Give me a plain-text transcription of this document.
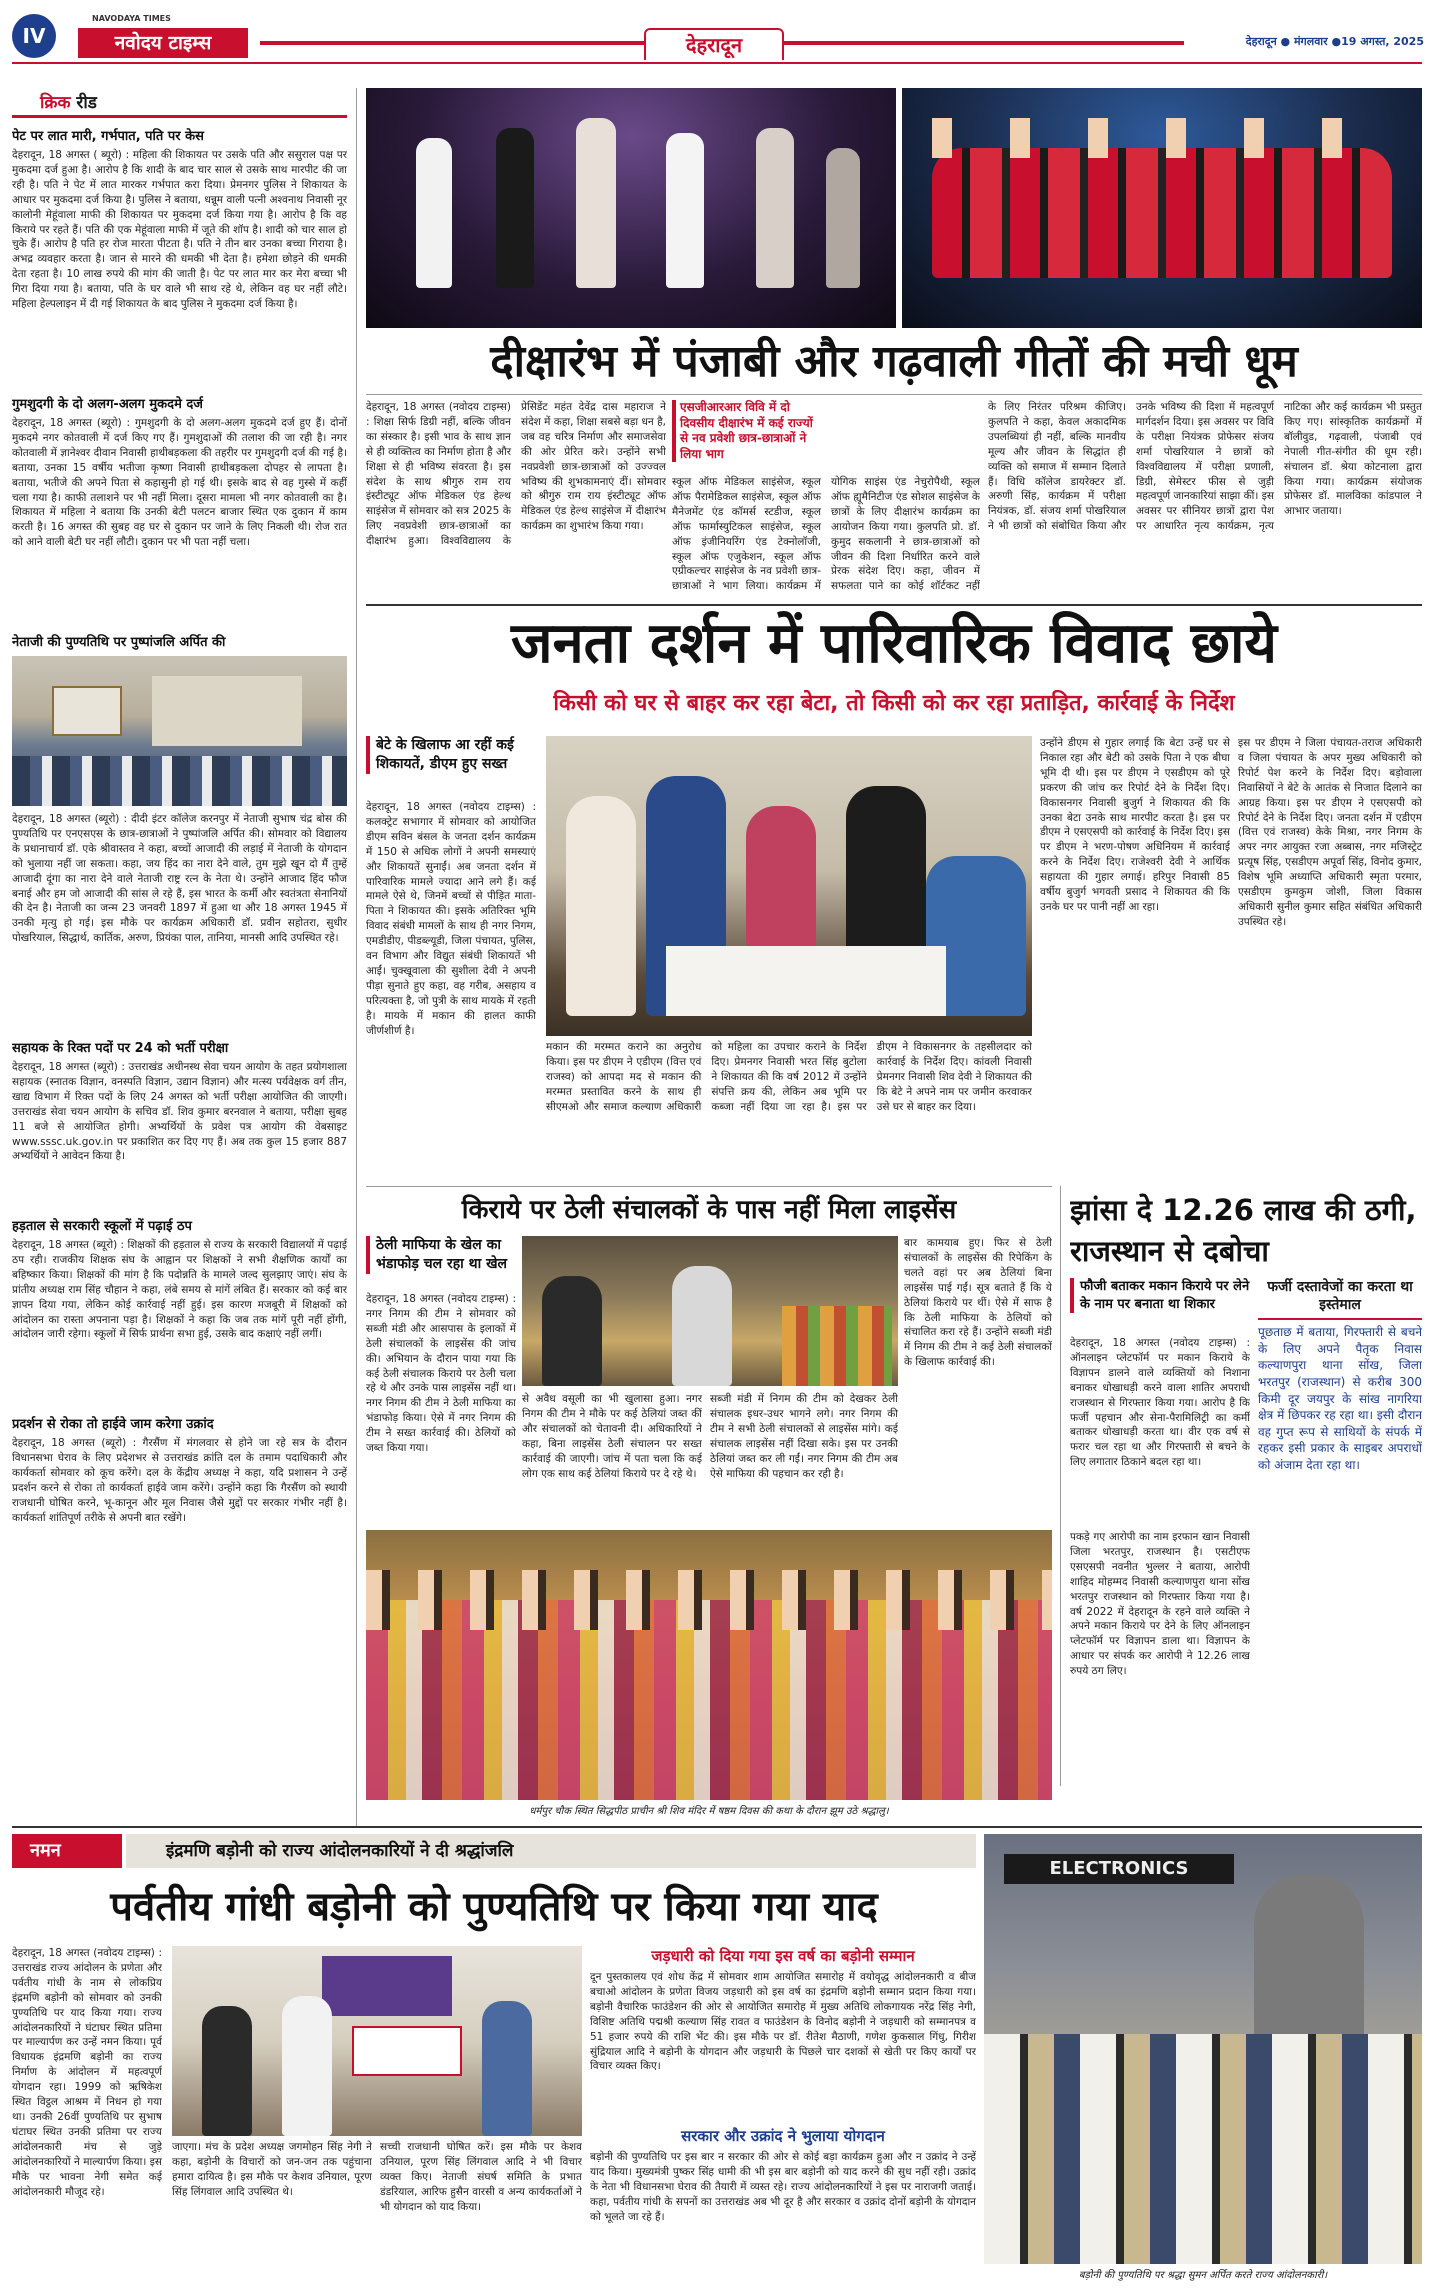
IV
NAVODAYA TIMES
नवोदय टाइम्स	देहरादून	देहरादून ● मंगलवार ●19 अगस्त, 2025
क्रिक रीड
पेट पर लात मारी, गर्भपात, पति पर केस
देहरादून, 18 अगस्त ( ब्यूरो) : महिला की शिकायत पर उसके पति और ससुराल पक्ष पर मुकदमा दर्ज हुआ है। आरोप है कि शादी के बाद चार साल से उसके साथ मारपीट की जा रही है। पति ने पेट में लात मारकर गर्भपात करा दिया। प्रेमनगर पुलिस ने शिकायत के आधार पर मुकदमा दर्ज किया है। पुलिस ने बताया, धन्नूम वाली पत्नी अश्वनाथ निवासी नूर कालोनी मेहूंवाला माफी की शिकायत पर मुकदमा दर्ज किया गया है। आरोप है कि वह किराये पर रहते हैं। पति की एक मेहूंवाला माफी में जूते की शॉप है। शादी को चार साल हो चुके हैं। आरोप है पति हर रोज मारता पीटता है। पति ने तीन बार उनका बच्चा गिराया है। अभद्र व्यवहार करता है। जान से मारने की धमकी भी देता है। हमेशा छोड़ने की धमकी देता रहता है। 10 लाख रुपये की मांग की जाती है। पेट पर लात मार कर मेरा बच्चा भी गिरा दिया गया है। बताया, पति के घर वाले भी साथ रहे थे, लेकिन वह घर नहीं लौटे। महिला हेल्पलाइन में दी गई शिकायत के बाद पुलिस ने मुकदमा दर्ज किया है।
गुमशुदगी के दो अलग-अलग मुकदमे दर्ज
देहरादून, 18 अगस्त (ब्यूरो) : गुमशुदगी के दो अलग-अलग मुकदमे दर्ज हुए हैं। दोनों मुकदमे नगर कोतवाली में दर्ज किए गए हैं। गुमशुदाओं की तलाश की जा रही है। नगर कोतवाली में ज्ञानेश्वर दीवान निवासी हाथीबड़कला की तहरीर पर गुमशुदगी दर्ज की गई है। बताया, उनका 15 वर्षीय भतीजा कृष्णा निवासी हाथीबड़कला दोपहर से लापता है। बताया, भतीजे की अपने पिता से कहासुनी हो गई थी। इसके बाद से वह गुस्से में कहीं चला गया है। काफी तलाशने पर भी नहीं मिला। दूसरा मामला भी नगर कोतवाली का है। शिकायत में महिला ने बताया कि उनकी बेटी पलटन बाजार स्थित एक दुकान में काम करती है। 16 अगस्त की सुबह वह घर से दुकान पर जाने के लिए निकली थी। रोज रात को आने वाली बेटी घर नहीं लौटी। दुकान पर भी पता नहीं चला।
नेताजी की पुण्यतिथि पर पुष्पांजलि अर्पित की
देहरादून, 18 अगस्त (ब्यूरो) : दीदी इंटर कॉलेज करनपुर में नेताजी सुभाष चंद्र बोस की पुण्यतिथि पर एनएसएस के छात्र-छात्राओं ने पुष्पांजलि अर्पित की। सोमवार को विद्यालय के प्रधानाचार्य डॉ. एके श्रीवास्तव ने कहा, बच्चों आजादी की लड़ाई में नेताजी के योगदान को भुलाया नहीं जा सकता। कहा, जय हिंद का नारा देने वाले, तुम मुझे खून दो मैं तुम्हें आजादी दूंगा का नारा देने वाले नेताजी राष्ट्र रत्न के नेता थे। उन्होंने आजाद हिंद फौज बनाई और हम जो आजादी की सांस ले रहे हैं, इस भारत के कर्मी और स्वतंत्रता सेनानियों की देन है। नेताजी का जन्म 23 जनवरी 1897 में हुआ था और 18 अगस्त 1945 में उनकी मृत्यु हो गई। इस मौके पर कार्यक्रम अधिकारी डॉ. प्रवीन सहोतरा, सुधीर पोखरियाल, सिद्धार्थ, कार्तिक, अरुण, प्रियंका पाल, तानिया, मानसी आदि उपस्थित रहे।
सहायक के रिक्त पदों पर 24 को भर्ती परीक्षा
देहरादून, 18 अगस्त (ब्यूरो) : उत्तराखंड अधीनस्थ सेवा चयन आयोग के तहत प्रयोगशाला सहायक (स्नातक विज्ञान, वनस्पति विज्ञान, उद्यान विज्ञान) और मत्स्य पर्यवेक्षक वर्ग तीन, खाद्य विभाग में रिक्त पदों के लिए 24 अगस्त को भर्ती परीक्षा आयोजित की जाएगी। उत्तराखंड सेवा चयन आयोग के सचिव डॉ. शिव कुमार बरनवाल ने बताया, परीक्षा सुबह 11 बजे से आयोजित होगी। अभ्यर्थियों के प्रवेश पत्र आयोग की वेबसाइट www.sssc.uk.gov.in पर प्रकाशित कर दिए गए हैं। अब तक कुल 15 हजार 887 अभ्यर्थियों ने आवेदन किया है।
हड़ताल से सरकारी स्कूलों में पढ़ाई ठप
देहरादून, 18 अगस्त (ब्यूरो) : शिक्षकों की हड़ताल से राज्य के सरकारी विद्यालयों में पढ़ाई ठप रही। राजकीय शिक्षक संघ के आह्वान पर शिक्षकों ने सभी शैक्षणिक कार्यों का बहिष्कार किया। शिक्षकों की मांग है कि पदोन्नति के मामले जल्द सुलझाए जाएं। संघ के प्रांतीय अध्यक्ष राम सिंह चौहान ने कहा, लंबे समय से मांगें लंबित हैं। सरकार को कई बार ज्ञापन दिया गया, लेकिन कोई कार्रवाई नहीं हुई। इस कारण मजबूरी में शिक्षकों को आंदोलन का रास्ता अपनाना पड़ा है। शिक्षकों ने कहा कि जब तक मांगें पूरी नहीं होंगी, आंदोलन जारी रहेगा। स्कूलों में सिर्फ प्रार्थना सभा हुई, उसके बाद कक्षाएं नहीं लगीं।
प्रदर्शन से रोका तो हाईवे जाम करेगा उक्रांद
देहरादून, 18 अगस्त (ब्यूरो) : गैरसैंण में मंगलवार से होने जा रहे सत्र के दौरान विधानसभा घेराव के लिए प्रदेशभर से उत्तराखंड क्रांति दल के तमाम पदाधिकारी और कार्यकर्ता सोमवार को कूच करेंगे। दल के केंद्रीय अध्यक्ष ने कहा, यदि प्रशासन ने उन्हें प्रदर्शन करने से रोका तो कार्यकर्ता हाईवे जाम करेंगे। उन्होंने कहा कि गैरसैंण को स्थायी राजधानी घोषित करने, भू-कानून और मूल निवास जैसे मुद्दों पर सरकार गंभीर नहीं है। कार्यकर्ता शांतिपूर्ण तरीके से अपनी बात रखेंगे।
दीक्षारंभ में पंजाबी और गढ़वाली गीतों की मची धूम
देहरादून, 18 अगस्त (नवोदय टाइम्स) : शिक्षा सिर्फ डिग्री नहीं, बल्कि जीवन का संस्कार है। इसी भाव के साथ ज्ञान से ही व्यक्तित्व का निर्माण होता है और शिक्षा से ही भविष्य संवरता है। इस संदेश के साथ श्रीगुरु राम राय इंस्टीट्यूट ऑफ मेडिकल एंड हेल्थ साइंसेज में सोमवार को सत्र 2025 के लिए नवप्रवेशी छात्र-छात्राओं का दीक्षारंभ हुआ। विश्वविद्यालय के प्रेसिडेंट महंत देवेंद्र दास महाराज ने संदेश में कहा, शिक्षा सबसे बड़ा धन है, जब वह चरित्र निर्माण और समाजसेवा की ओर प्रेरित करे। उन्होंने सभी नवप्रवेशी छात्र-छात्राओं को उज्ज्वल भविष्य की शुभकामनाएं दीं। सोमवार को श्रीगुरु राम राय इंस्टीट्यूट ऑफ मेडिकल एंड हेल्थ साइंसेज में दीक्षारंभ कार्यक्रम का शुभारंभ किया गया।
एसजीआरआर विवि में दो दिवसीय दीक्षारंभ में कई राज्यों से नव प्रवेशी छात्र-छात्राओं ने लिया भाग
स्कूल ऑफ मेडिकल साइंसेज, स्कूल ऑफ पैरामेडिकल साइंसेज, स्कूल ऑफ मैनेजमेंट एंड कॉमर्स स्टडीज, स्कूल ऑफ फार्मास्युटिकल साइंसेज, स्कूल ऑफ इंजीनियरिंग एंड टेक्नोलॉजी, स्कूल ऑफ एजुकेशन, स्कूल ऑफ एग्रीकल्चर साइंसेज के नव प्रवेशी छात्र-छात्राओं ने भाग लिया। कार्यक्रम में योगिक साइंस एंड नेचुरोपैथी, स्कूल ऑफ ह्यूमैनिटीज एंड सोशल साइंसेज के छात्रों के लिए दीक्षारंभ कार्यक्रम का आयोजन किया गया। कुलपति प्रो. डॉ. कुमुद सकलानी ने छात्र-छात्राओं को जीवन की दिशा निर्धारित करने वाले प्रेरक संदेश दिए। कहा, जीवन में सफलता पाने का कोई शॉर्टकट नहीं
के लिए निरंतर परिश्रम कीजिए। कुलपति ने कहा, केवल अकादमिक उपलब्धियां ही नहीं, बल्कि मानवीय मूल्य और जीवन के सिद्धांत ही व्यक्ति को समाज में सम्मान दिलाते हैं। विधि कॉलेज डायरेक्टर डॉ. अरुणी सिंह, कार्यक्रम में परीक्षा नियंत्रक, डॉ. संजय शर्मा पोखरियाल ने भी छात्रों को संबोधित किया और उनके भविष्य की दिशा में महत्वपूर्ण मार्गदर्शन दिया। इस अवसर पर विवि के परीक्षा नियंत्रक प्रोफेसर संजय शर्मा पोखरियाल ने छात्रों को विश्वविद्यालय में परीक्षा प्रणाली, डिग्री, सेमेस्टर फीस से जुड़ी महत्वपूर्ण जानकारियां साझा कीं। इस अवसर पर सीनियर छात्रों द्वारा पेश पर आधारित नृत्य कार्यक्रम, नृत्य नाटिका और कई कार्यक्रम भी प्रस्तुत किए गए। सांस्कृतिक कार्यक्रमों में बॉलीवुड, गढ़वाली, पंजाबी एवं नेपाली गीत-संगीत की धूम रही। संचालन डॉ. श्रेया कोटनाला द्वारा किया गया। कार्यक्रम संयोजक प्रोफेसर डॉ. मालविका कांडपाल ने आभार जताया।
जनता दर्शन में पारिवारिक विवाद छाये
किसी को घर से बाहर कर रहा बेटा, तो किसी को कर रहा प्रताड़ित, कार्रवाई के निर्देश
बेटे के खिलाफ आ रहीं कई शिकायतें, डीएम हुए सख्त
देहरादून, 18 अगस्त (नवोदय टाइम्स) : कलक्ट्रेट सभागार में सोमवार को आयोजित डीएम सविन बंसल के जनता दर्शन कार्यक्रम में 150 से अधिक लोगों ने अपनी समस्याएं और शिकायतें सुनाईं। अब जनता दर्शन में पारिवारिक मामले ज्यादा आने लगे हैं। कई मामले ऐसे थे, जिनमें बच्चों से पीड़ित माता-पिता ने शिकायत की। इसके अतिरिक्त भूमि विवाद संबंधी मामलों के साथ ही नगर निगम, एमडीडीए, पीडब्ल्यूडी, जिला पंचायत, पुलिस, वन विभाग और विद्युत संबंधी शिकायतें भी आईं। चुक्खूवाला की सुशीला देवी ने अपनी पीड़ा सुनाते हुए कहा, वह गरीब, असहाय व परित्यक्ता है, जो पुत्री के साथ मायके में रहती है। मायके में मकान की हालत काफी जीर्णशीर्ण है।
मकान की मरम्मत कराने का अनुरोध किया। इस पर डीएम ने एडीएम (वित्त एवं राजस्व) को आपदा मद से मकान की मरम्मत प्रस्तावित करने के साथ ही सीएमओ और समाज कल्याण अधिकारी को महिला का उपचार कराने के निर्देश दिए। प्रेमनगर निवासी भरत सिंह बुटोला ने शिकायत की कि वर्ष 2012 में उन्होंने संपत्ति क्रय की, लेकिन अब भूमि पर कब्जा नहीं दिया जा रहा है। इस पर डीएम ने विकासनगर के तहसीलदार को कार्रवाई के निर्देश दिए। कांवली निवासी प्रेमनगर निवासी शिव देवी ने शिकायत की कि बेटे ने अपने नाम पर जमीन करवाकर उसे घर से बाहर कर दिया।
उन्होंने डीएम से गुहार लगाई कि बेटा उन्हें घर से निकाल रहा और बेटी को उसके पिता ने एक बीघा भूमि दी थी। इस पर डीएम ने एसडीएम को पूरे प्रकरण की जांच कर रिपोर्ट देने के निर्देश दिए। विकासनगर निवासी बुजुर्ग ने शिकायत की कि उनका बेटा उनके साथ मारपीट करता है। इस पर डीएम ने एसएसपी को कार्रवाई के निर्देश दिए। इस पर डीएम ने भरण-पोषण अधिनियम में कार्रवाई करने के निर्देश दिए। राजेश्वरी देवी ने आर्थिक सहायता की गुहार लगाई। हरिपुर निवासी 85 वर्षीय बुजुर्ग भगवती प्रसाद ने शिकायत की कि उनके घर पर पानी नहीं आ रहा।
इस पर डीएम ने जिला पंचायत-तराज अधिकारी व जिला पंचायत के अपर मुख्य अधिकारी को रिपोर्ट पेश करने के निर्देश दिए। बड़ोवाला निवासियों ने बेटे के आतंक से निजात दिलाने का आग्रह किया। इस पर डीएम ने एसएसपी को रिपोर्ट देने के निर्देश दिए। जनता दर्शन में एडीएम (वित्त एवं राजस्व) केके मिश्रा, नगर निगम के अपर नगर आयुक्त रजा अब्बास, नगर मजिस्ट्रेट प्रत्यूष सिंह, एसडीएम अपूर्वा सिंह, विनोद कुमार, विशेष भूमि अध्याप्ति अधिकारी स्मृता परमार, एसडीएम कुमकुम जोशी, जिला विकास अधिकारी सुनील कुमार सहित संबंधित अधिकारी उपस्थित रहे।
किराये पर ठेली संचालकों के पास नहीं मिला लाइसेंस
ठेली माफिया के खेल का भंडाफोड़ चल रहा था खेल
देहरादून, 18 अगस्त (नवोदय टाइम्स) : नगर निगम की टीम ने सोमवार को सब्जी मंडी और आसपास के इलाकों में ठेली संचालकों के लाइसेंस की जांच की। अभियान के दौरान पाया गया कि कई ठेली संचालक किराये पर ठेली चला रहे थे और उनके पास लाइसेंस नहीं था। नगर निगम की टीम ने ठेली माफिया का भंडाफोड़ किया। ऐसे में नगर निगम की टीम ने सख्त कार्रवाई की। ठेलियों को जब्त किया गया।
से अवैध वसूली का भी खुलासा हुआ। नगर निगम की टीम ने मौके पर कई ठेलियां जब्त कीं और संचालकों को चेतावनी दी। अधिकारियों ने कहा, बिना लाइसेंस ठेली संचालन पर सख्त कार्रवाई की जाएगी। जांच में पता चला कि कई लोग एक साथ कई ठेलियां किराये पर दे रहे थे।
सब्जी मंडी में निगम की टीम को देखकर ठेली संचालक इधर-उधर भागने लगे। नगर निगम की टीम ने सभी ठेली संचालकों से लाइसेंस मांगे। कई संचालक लाइसेंस नहीं दिखा सके। इस पर उनकी ठेलियां जब्त कर ली गईं। नगर निगम की टीम अब ऐसे माफिया की पहचान कर रही है।
बार कामयाब हुए। फिर से ठेली संचालकों के लाइसेंस की रिपेकिंग के चलते वहां पर अब ठेलियां बिना लाइसेंस पाई गईं। सूत्र बताते हैं कि ये ठेलियां किराये पर थीं। ऐसे में साफ है कि ठेली माफिया के ठेलियों को संचालित करा रहे हैं। उन्होंने सब्जी मंडी में निगम की टीम ने कई ठेली संचालकों के खिलाफ कार्रवाई की।
झांसा दे 12.26 लाख की ठगी, राजस्थान से दबोचा
फौजी बताकर मकान किराये पर लेने के नाम पर बनाता था शिकार
देहरादून, 18 अगस्त (नवोदय टाइम्स) : ऑनलाइन प्लेटफॉर्म पर मकान किराये के विज्ञापन डालने वाले व्यक्तियों को निशाना बनाकर धोखाधड़ी करने वाला शातिर अपराधी राजस्थान से गिरफ्तार किया गया। आरोप है कि फर्जी पहचान और सेना-पैरामिलिट्री का कर्मी बताकर धोखाधड़ी करता था। वीर एक वर्ष से फरार चल रहा था और गिरफ्तारी से बचने के लिए लगातार ठिकाने बदल रहा था।
पकड़े गए आरोपी का नाम इरफान खान निवासी जिला भरतपुर, राजस्थान है। एसटीएफ एसएसपी नवनीत भुल्लर ने बताया, आरोपी शाहिद मोहम्मद निवासी कल्याणपुरा थाना सोंख भरतपुर राजस्थान को गिरफ्तार किया गया है। वर्ष 2022 में देहरादून के रहने वाले व्यक्ति ने अपने मकान किराये पर देने के लिए ऑनलाइन प्लेटफॉर्म पर विज्ञापन डाला था। विज्ञापन के आधार पर संपर्क कर आरोपी ने 12.26 लाख रुपये ठग लिए।
फर्जी दस्तावेजों का करता था इस्तेमाल
पूछताछ में बताया, गिरफ्तारी से बचने के लिए अपने पैतृक निवास कल्याणपुरा थाना सोंख, जिला भरतपुर (राजस्थान) से करीब 300 किमी दूर जयपुर के सांख नागरिया क्षेत्र में छिपकर रह रहा था। इसी दौरान वह गुप्त रूप से साथियों के संपर्क में रहकर इसी प्रकार के साइबर अपराधों को अंजाम देता रहा था।
धर्मपुर चौक स्थित सिद्धपीठ प्राचीन श्री शिव मंदिर में षष्ठम दिवस की कथा के दौरान झूम उठे श्रद्धालु।
नमन	इंद्रमणि बड़ोनी को राज्य आंदोलनकारियों ने दी श्रद्धांजलि
पर्वतीय गांधी बड़ोनी को पुण्यतिथि पर किया गया याद
देहरादून, 18 अगस्त (नवोदय टाइम्स) : उत्तराखंड राज्य आंदोलन के प्रणेता और पर्वतीय गांधी के नाम से लोकप्रिय इंद्रमणि बड़ोनी को सोमवार को उनकी पुण्यतिथि पर याद किया गया। राज्य आंदोलनकारियों ने घंटाघर स्थित प्रतिमा पर माल्यार्पण कर उन्हें नमन किया। पूर्व विधायक इंद्रमणि बड़ोनी का राज्य निर्माण के आंदोलन में महत्वपूर्ण योगदान रहा। 1999 को ऋषिकेश स्थित विट्ठल आश्रम में निधन हो गया था। उनकी 26वीं पुण्यतिथि पर सुभाष घंटाघर स्थित उनकी प्रतिमा पर राज्य आंदोलनकारी मंच से जुड़े आंदोलनकारियों ने माल्यार्पण किया। इस मौके पर भावना नेगी समेत कई आंदोलनकारी मौजूद रहे।
जाएगा। मंच के प्रदेश अध्यक्ष जगमोहन सिंह नेगी ने कहा, बड़ोनी के विचारों को जन-जन तक पहुंचाना हमारा दायित्व है। इस मौके पर केशव उनियाल, पूरण सिंह लिंगवाल आदि उपस्थित थे।
सच्ची राजधानी घोषित करें। इस मौके पर केशव उनियाल, पूरण सिंह लिंगवाल आदि ने भी विचार व्यक्त किए। नेताजी संघर्ष समिति के प्रभात डंडरियाल, आरिफ हुसैन वारसी व अन्य कार्यकर्ताओं ने भी योगदान को याद किया।
जड़धारी को दिया गया इस वर्ष का बड़ोनी सम्मान
दून पुस्तकालय एवं शोध केंद्र में सोमवार शाम आयोजित समारोह में वयोवृद्ध आंदोलनकारी व बीज बचाओ आंदोलन के प्रणेता विजय जड़धारी को इस वर्ष का इंद्रमणि बड़ोनी सम्मान प्रदान किया गया। बड़ोनी वैचारिक फाउंडेशन की ओर से आयोजित समारोह में मुख्य अतिथि लोकगायक नरेंद्र सिंह नेगी, विशिष्ट अतिथि पद्मश्री कल्याण सिंह रावत व फाउंडेशन के विनोद बड़ोनी ने जड़धारी को सम्मानपत्र व 51 हजार रुपये की राशि भेंट की। इस मौके पर डॉ. रीतेश मैठाणी, गणेश कुकसाल गिंधु, गिरीश सुंद्रियाल आदि ने बड़ोनी के योगदान और जड़धारी के पिछले चार दशकों से खेती पर किए कार्यों पर विचार व्यक्त किए।
सरकार और उक्रांद ने भुलाया योगदान
बड़ोनी की पुण्यतिथि पर इस बार न सरकार की ओर से कोई बड़ा कार्यक्रम हुआ और न उक्रांद ने उन्हें याद किया। मुख्यमंत्री पुष्कर सिंह धामी की भी इस बार बड़ोनी को याद करने की सुध नहीं रही। उक्रांद के नेता भी विधानसभा घेराव की तैयारी में व्यस्त रहे। राज्य आंदोलनकारियों ने इस पर नाराजगी जताई। कहा, पर्वतीय गांधी के सपनों का उत्तराखंड अब भी दूर है और सरकार व उक्रांद दोनों बड़ोनी के योगदान को भूलते जा रहे हैं।
ELECTRONICS
बड़ोनी की पुण्यतिथि पर श्रद्धा सुमन अर्पित करते राज्य आंदोलनकारी।
